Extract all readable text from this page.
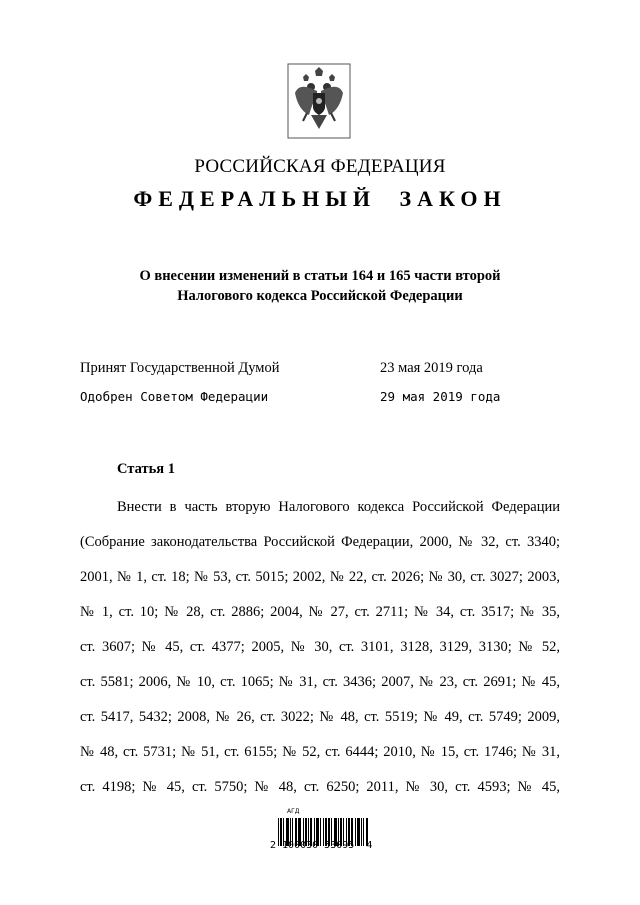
РОССИЙСКАЯ ФЕДЕРАЦИЯ
ФЕДЕРАЛЬНЫЙ ЗАКОН
О внесении изменений в статьи 164 и 165 части второй
Налогового кодекса Российской Федерации
Принят Государственной Думой	23 мая 2019 года
Одобрен Советом Федерации	29 мая 2019 года
Статья 1
Внести в часть вторую Налогового кодекса Российской Федерации
(Собрание законодательства Российской Федерации, 2000, № 32, ст. 3340;
2001, № 1, ст. 18; № 53, ст. 5015; 2002, № 22, ст. 2026; № 30, ст. 3027; 2003,
№ 1, ст. 10; № 28, ст. 2886; 2004, № 27, ст. 2711; № 34, ст. 3517; № 35,
ст. 3607; № 45, ст. 4377; 2005, № 30, ст. 3101, 3128, 3129, 3130; № 52,
ст. 5581; 2006, № 10, ст. 1065; № 31, ст. 3436; 2007, № 23, ст. 2691; № 45,
ст. 5417, 5432; 2008, № 26, ст. 3022; № 48, ст. 5519; № 49, ст. 5749; 2009,
№ 48, ст. 5731; № 51, ст. 6155; № 52, ст. 6444; 2010, № 15, ст. 1746; № 31,
ст. 4198; № 45, ст. 5750; № 48, ст. 6250; 2011, № 30, ст. 4593; № 45,
АГД
2 100030 53095  4
